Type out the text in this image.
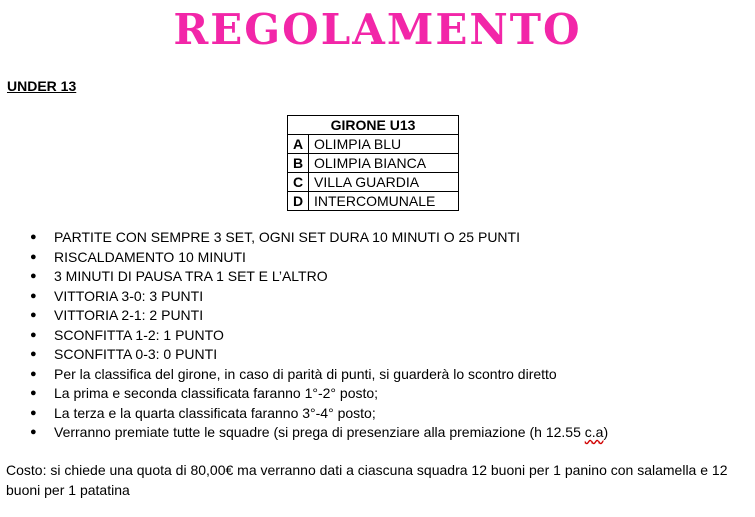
REGOLAMENTO
UNDER 13
GIRONE U13	
A	OLIMPIA BLU
B	OLIMPIA BIANCA
C	VILLA GUARDIA
D	INTERCOMUNALE
● PARTITE CON SEMPRE 3 SET, OGNI SET DURA 10 MINUTI O 25 PUNTI
● RISCALDAMENTO 10 MINUTI
● 3 MINUTI DI PAUSA TRA 1 SET E L’ALTRO
● VITTORIA 3-0: 3 PUNTI
● VITTORIA 2-1: 2 PUNTI
● SCONFITTA 1-2: 1 PUNTO
● SCONFITTA 0-3: 0 PUNTI
● Per la classifica del girone, in caso di parità di punti, si guarderà lo scontro diretto
● La prima e seconda classificata faranno 1°-2° posto;
● La terza e la quarta classificata faranno 3°-4° posto;
● Verranno premiate tutte le squadre (si prega di presenziare alla premiazione (h 12.55 c.a)
Costo: si chiede una quota di 80,00€ ma verranno dati a ciascuna squadra 12 buoni per 1 panino con salamella e 12 buoni per 1 patatina
